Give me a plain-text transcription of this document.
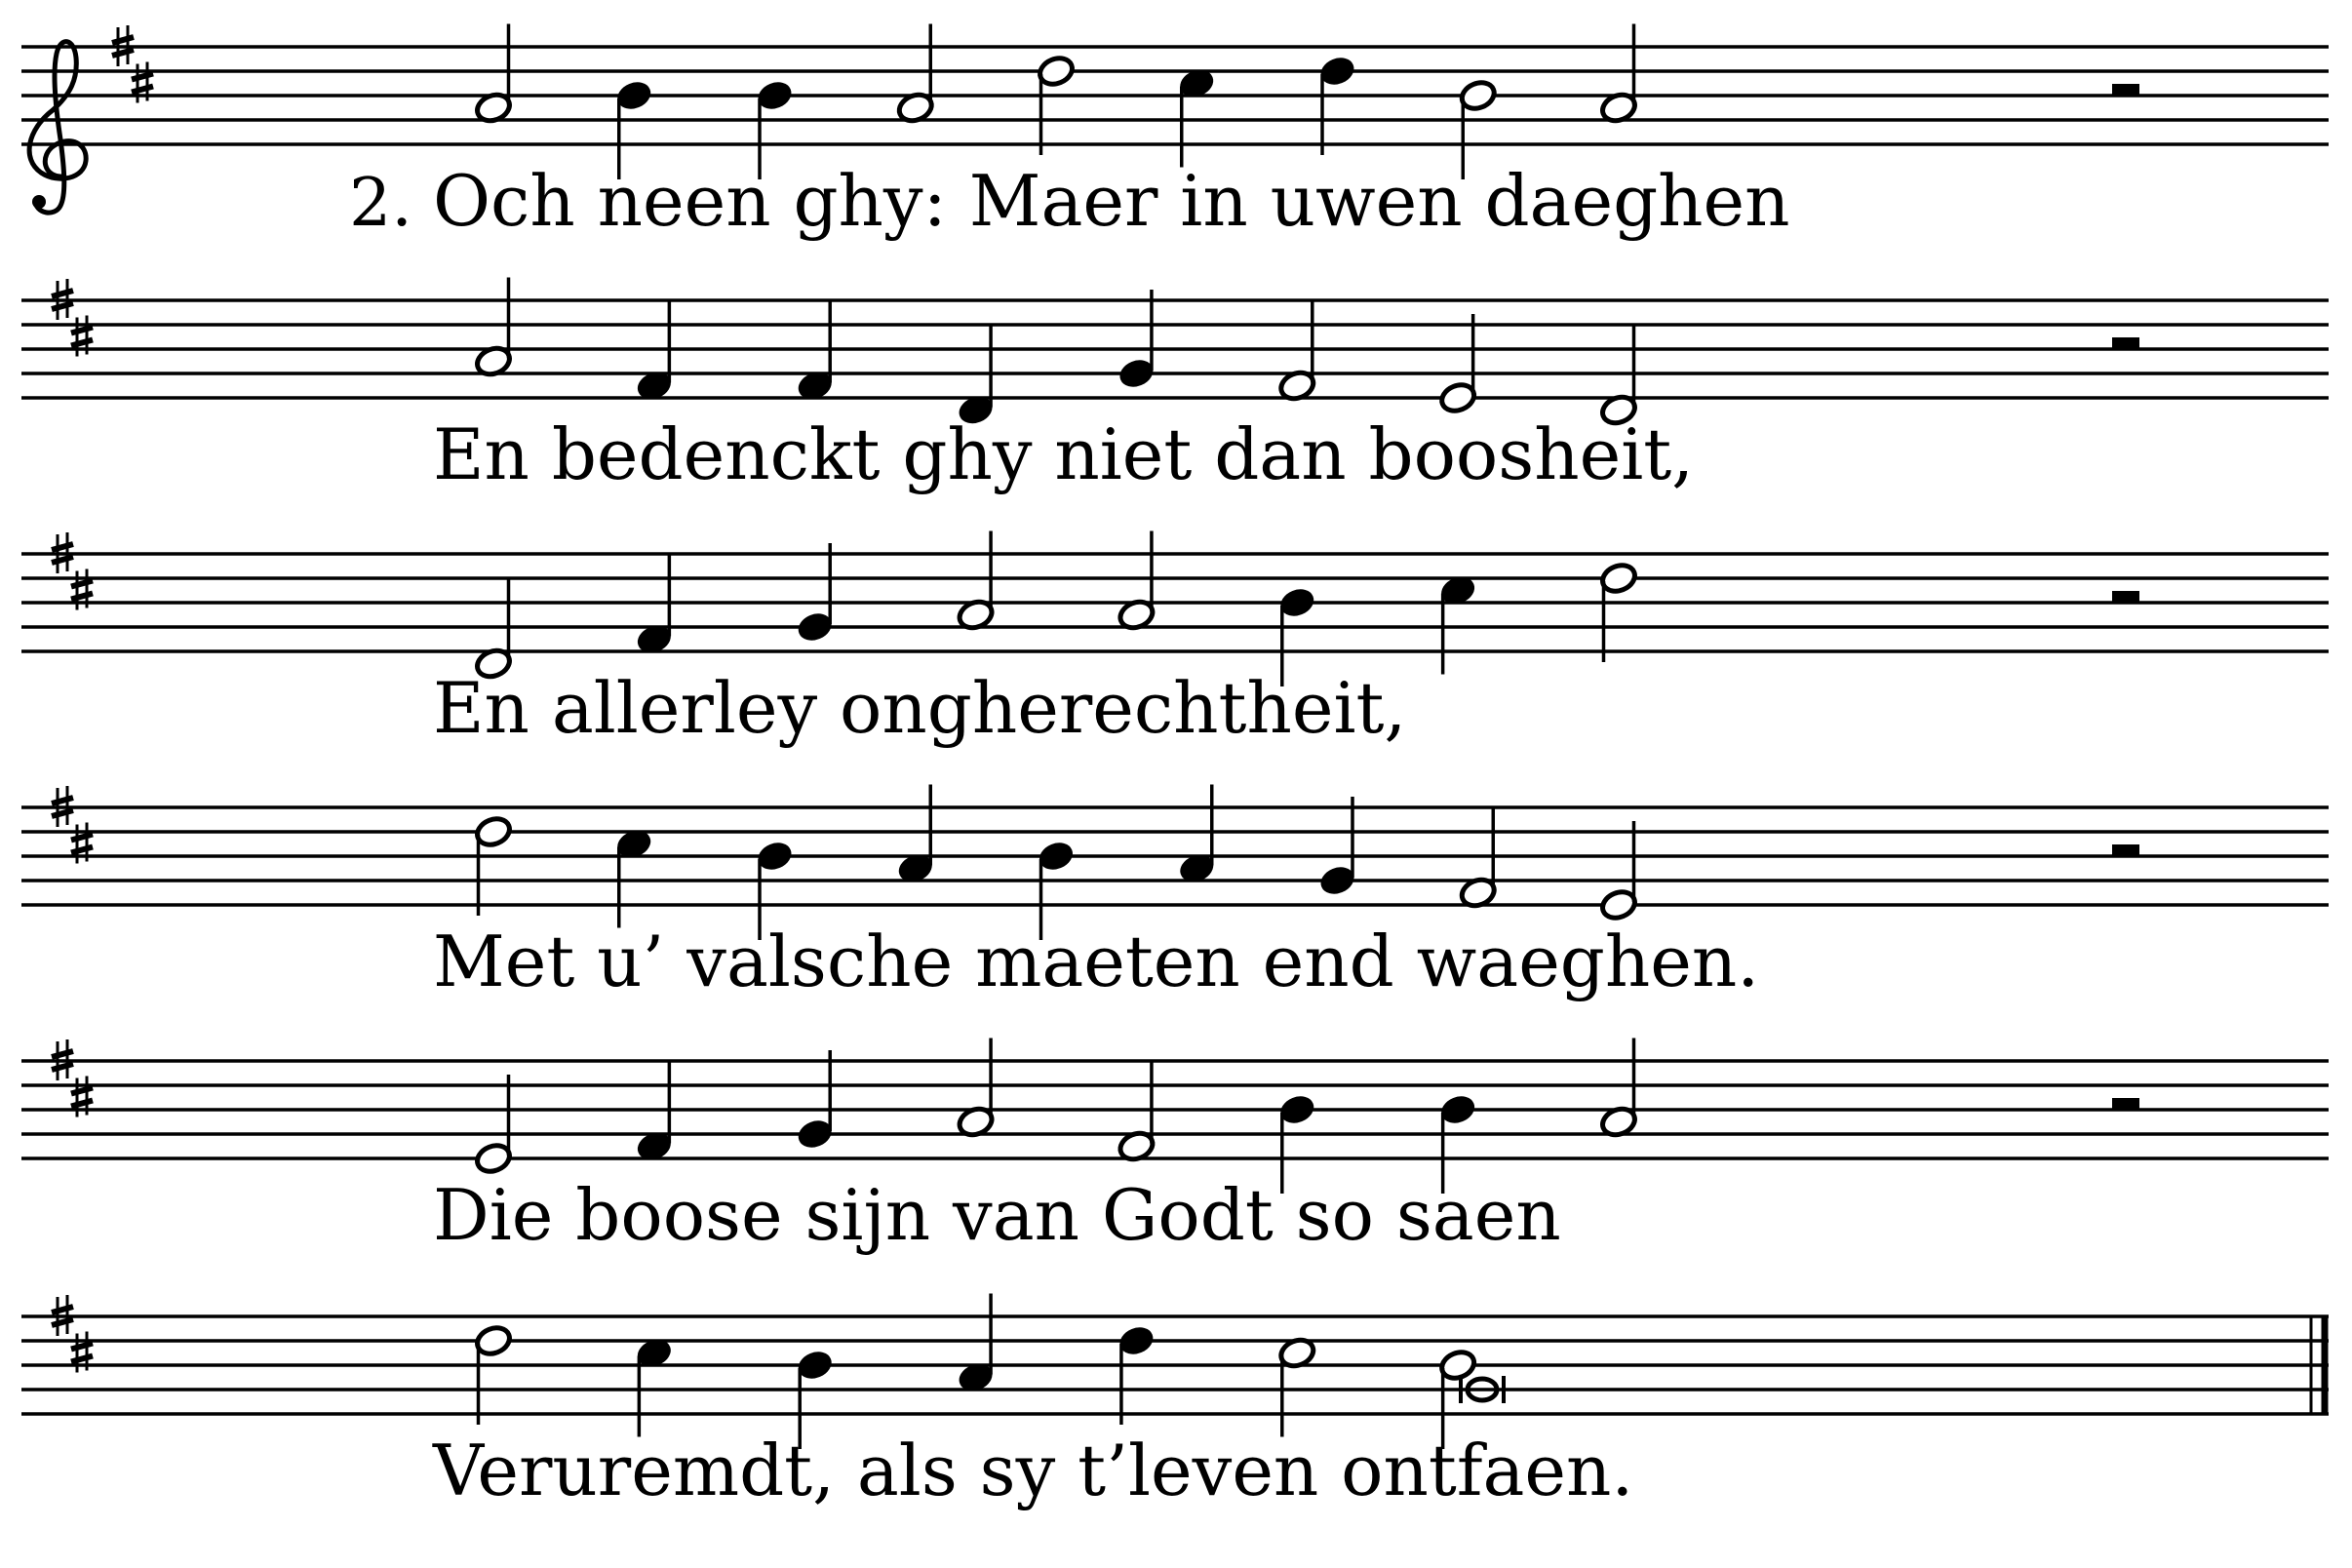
2. Och neen ghy: Maer in uwen daeghen
En bedenckt ghy niet dan boosheit,
En allerley ongherechtheit,
Met u’ valsche maeten end waeghen.
Die boose sijn van Godt so saen
Veruremdt, als sy t’leven ontfaen.
